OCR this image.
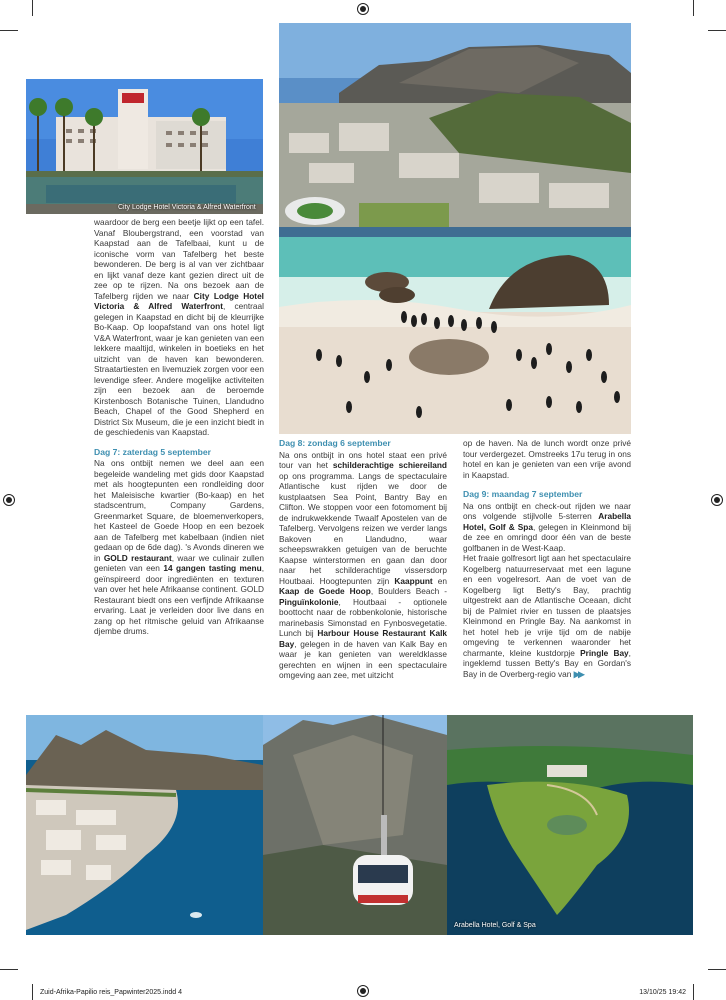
City Lodge Hotel Victoria & Alfred Waterfront

waardoor de berg een beetje lijkt op een tafel. Vanaf Bloubergstrand, een voorstad van Kaapstad aan de Tafelbaai, kunt u de iconische vorm van Tafelberg het beste bewonderen. De berg is al van ver zichtbaar en lijkt vanaf deze kant gezien direct uit de zee op te rijzen. Na ons bezoek aan de Tafelberg rijden we naar City Lodge Hotel Victoria & Alfred Waterfront, centraal gelegen in Kaapstad en dicht bij de kleurrijke Bo-Kaap. Op loopafstand van ons hotel ligt V&A Waterfront, waar je kan genieten van een lekkere maaltijd, winkelen in boetieks en het uitzicht van de haven kan bewonderen. Straatartiesten en livemuziek zorgen voor een levendige sfeer. Andere mogelijke activiteiten zijn een bezoek aan de beroemde Kirstenbosch Botanische Tuinen, Llandudno Beach, Chapel of the Good Shepherd en District Six Museum, die je een inzicht biedt in de geschiedenis van Kaapstad.

Dag 7: zaterdag 5 september

Na ons ontbijt nemen we deel aan een begeleide wandeling met gids door Kaapstad met als hoogtepunten een rondleiding door het Maleisische kwartier (Bo-kaap) en het stadscentrum, Company Gardens, Greenmarket Square, de bloemenverkopers, het Kasteel de Goede Hoop en een bezoek aan de Tafelberg met kabelbaan (indien niet gedaan op de 6de dag). 's Avonds dineren we in GOLD restaurant, waar we culinair zullen genieten van een 14 gangen tasting menu, geïnspireerd door ingrediënten en texturen van over het hele Afrikaanse continent. GOLD Restaurant biedt ons een verfijnde Afrikaanse ervaring. Laat je verleiden door live dans en zang op het ritmische geluid van Afrikaanse djembe drums.

Dag 8: zondag 6 september

Na ons ontbijt in ons hotel staat een privé tour van het schilderachtige schiereiland op ons programma. Langs de spectaculaire Atlantische kust rijden we door de kustplaatsen Sea Point, Bantry Bay en Clifton. We stoppen voor een fotomoment bij de indrukwekkende Twaalf Apostelen van de Tafelberg. Vervolgens reizen we verder langs Bakoven en Llandudno, waar scheepswrakken getuigen van de beruchte Kaapse winterstormen en gaan dan door naar het schilderachtige vissersdorp Houtbaai. Hoogtepunten zijn Kaappunt en Kaap de Goede Hoop, Boulders Beach - Pinguïnkolonie, Houtbaai - optionele boottocht naar de robbenkolonie, historische marinebasis Simonstad en Fynbosvegetatie. Lunch bij Harbour House Restaurant Kalk Bay, gelegen in de haven van Kalk Bay en waar je kan genieten van wereldklasse gerechten en wijnen in een spectaculaire omgeving aan zee, met uitzicht

op de haven. Na de lunch wordt onze privé tour verdergezet. Omstreeks 17u terug in ons hotel en kan je genieten van een vrije avond in Kaapstad.

Dag 9: maandag 7 september

Na ons ontbijt en check-out rijden we naar ons volgende stijlvolle 5-sterren Arabella Hotel, Golf & Spa, gelegen in Kleinmond bij de zee en omringd door één van de beste golfbanen in de West-Kaap.

Het fraaie golfresort ligt aan het spectaculaire Kogelberg natuurreservaat met een lagune en een vogelresort. Aan de voet van de Kogelberg ligt Betty's Bay, prachtig uitgestrekt aan de Atlantische Oceaan, dicht bij de Palmiet rivier en tussen de plaatsjes Kleinmond en Pringle Bay. Na aankomst in het hotel heb je vrije tijd om de nabije omgeving te verkennen waaronder het charmante, kleine kustdorpje Pringle Bay, ingeklemd tussen Betty's Bay en Gordan's Bay in de Overberg-regio van ▶▶

Arabella Hotel, Golf & Spa
Zuid-Afrika-Papilio reis_Papwinter2025.indd 4	13/10/25 19:42
